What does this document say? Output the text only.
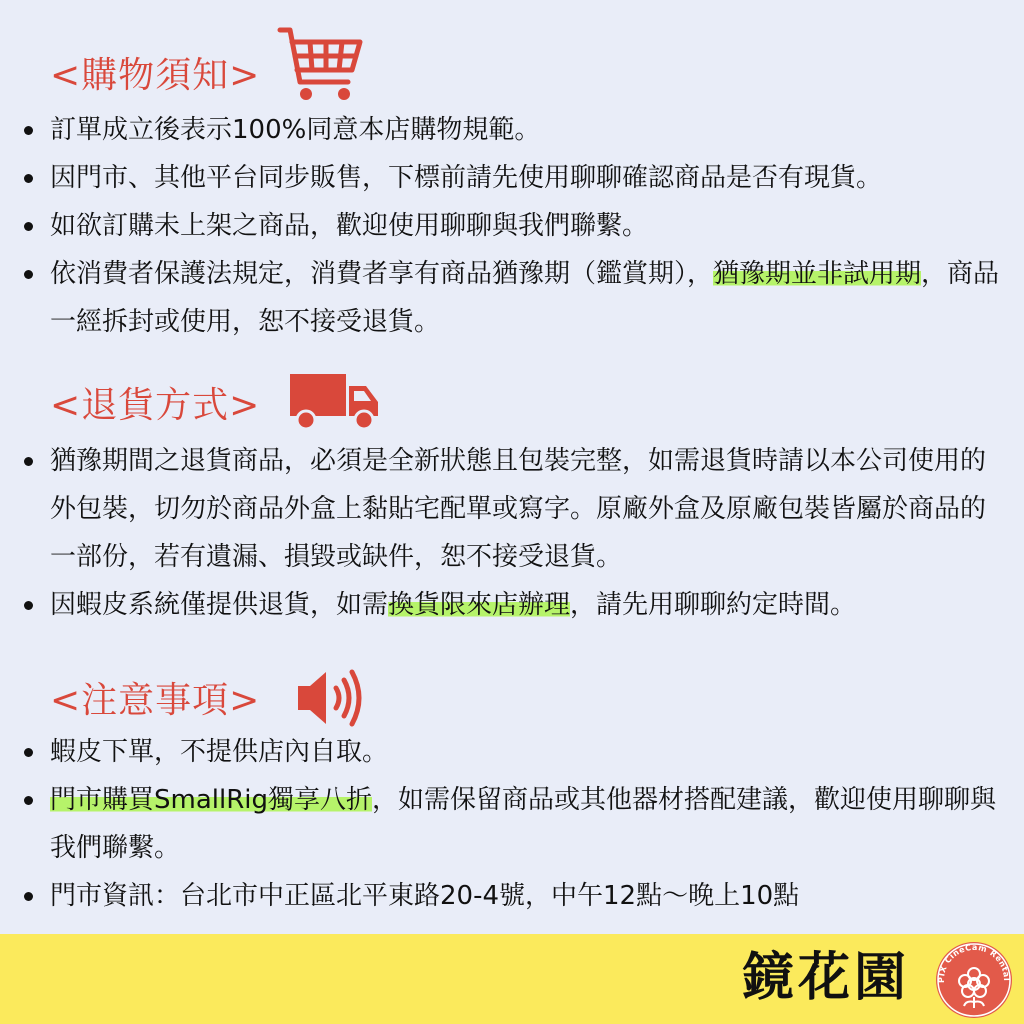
<購物須知>
訂單成立後表示100%同意本店購物規範。
因門市、其他平台同步販售，下標前請先使用聊聊確認商品是否有現貨。
如欲訂購未上架之商品，歡迎使用聊聊與我們聯繫。
依消費者保護法規定，消費者享有商品猶豫期（鑑賞期），猶豫期並非試用期，商品一經拆封或使用，恕不接受退貨。
<退貨方式>
猶豫期間之退貨商品，必須是全新狀態且包裝完整，如需退貨時請以本公司使用的外包裝，切勿於商品外盒上黏貼宅配單或寫字。原廠外盒及原廠包裝皆屬於商品的一部份，若有遺漏、損毀或缺件，恕不接受退貨。
因蝦皮系統僅提供退貨，如需換貨限來店辦理，請先用聊聊約定時間。
<注意事項>
蝦皮下單，不提供店內自取。
門市購買SmallRig獨享八折，如需保留商品或其他器材搭配建議，歡迎使用聊聊與我們聯繫。
門市資訊：台北市中正區北平東路20-4號，中午12點～晚上10點
鏡花園	PIX CineCam Rental
